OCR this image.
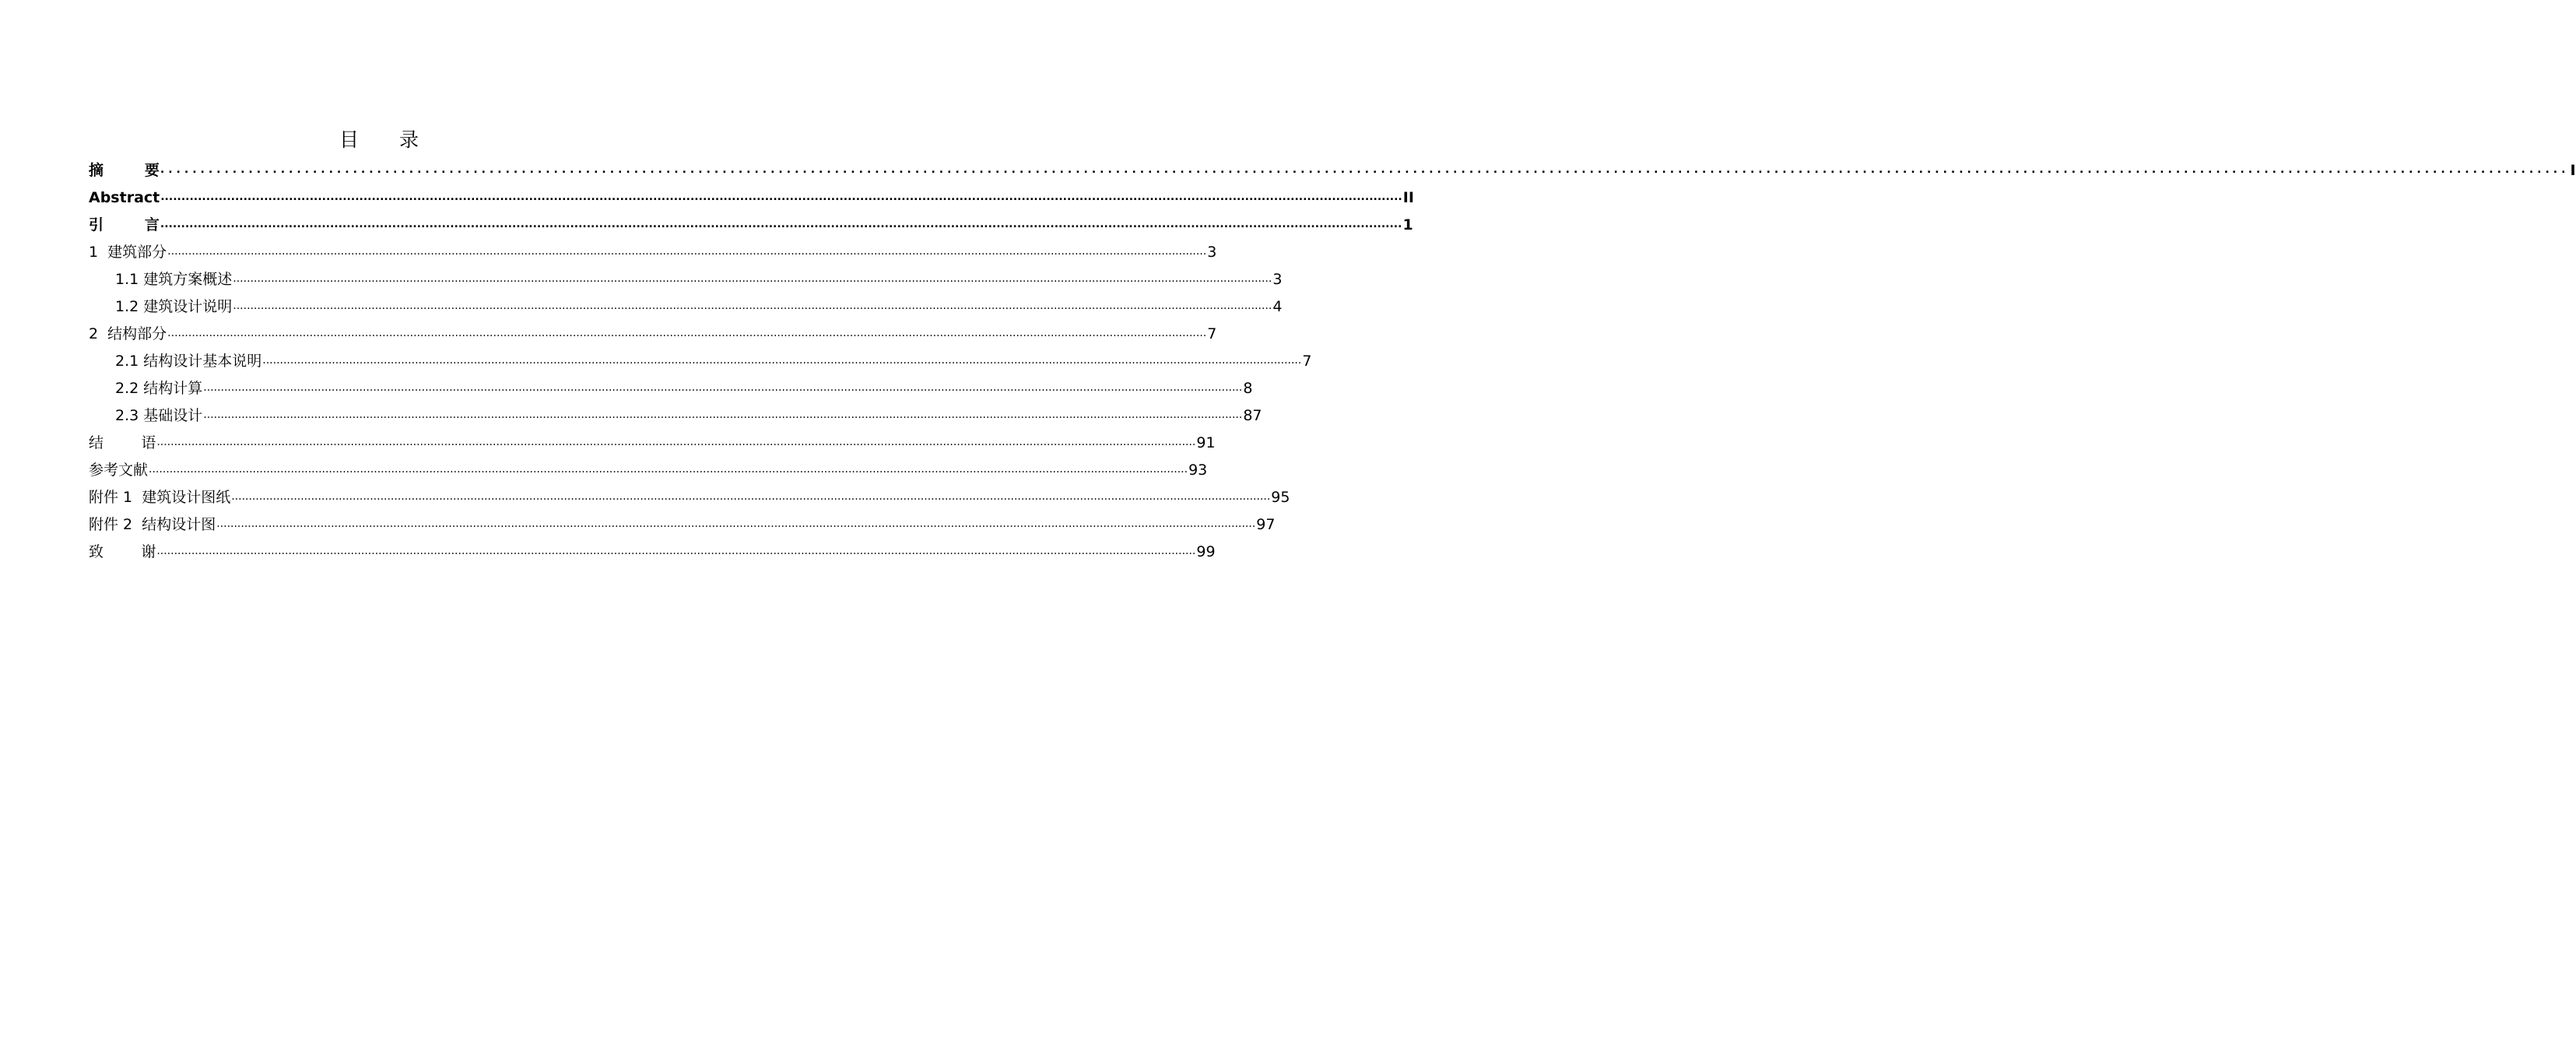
目 录
摘        要 ............................................................................................................................................................................................................................................................................................................ I
Abstract ............................................................................................................................................................................................................................................................................................................ II
引        言 ............................................................................................................................................................................................................................................................................................................ 1
1  建筑部分 ............................................................................................................................................................................................................................................................................................................ 3
1.1 建筑方案概述 ............................................................................................................................................................................................................................................................................................................ 3
1.2 建筑设计说明 ............................................................................................................................................................................................................................................................................................................ 4
2  结构部分 ............................................................................................................................................................................................................................................................................................................ 7
2.1 结构设计基本说明 ............................................................................................................................................................................................................................................................................................................ 7
2.2 结构计算 ............................................................................................................................................................................................................................................................................................................ 8
2.3 基础设计 ............................................................................................................................................................................................................................................................................................................ 87
结        语 ............................................................................................................................................................................................................................................................................................................ 91
参考文献 ............................................................................................................................................................................................................................................................................................................ 93
附件 1  建筑设计图纸 ............................................................................................................................................................................................................................................................................................................ 95
附件 2  结构设计图 ............................................................................................................................................................................................................................................................................................................ 97
致        谢 ............................................................................................................................................................................................................................................................................................................ 99
